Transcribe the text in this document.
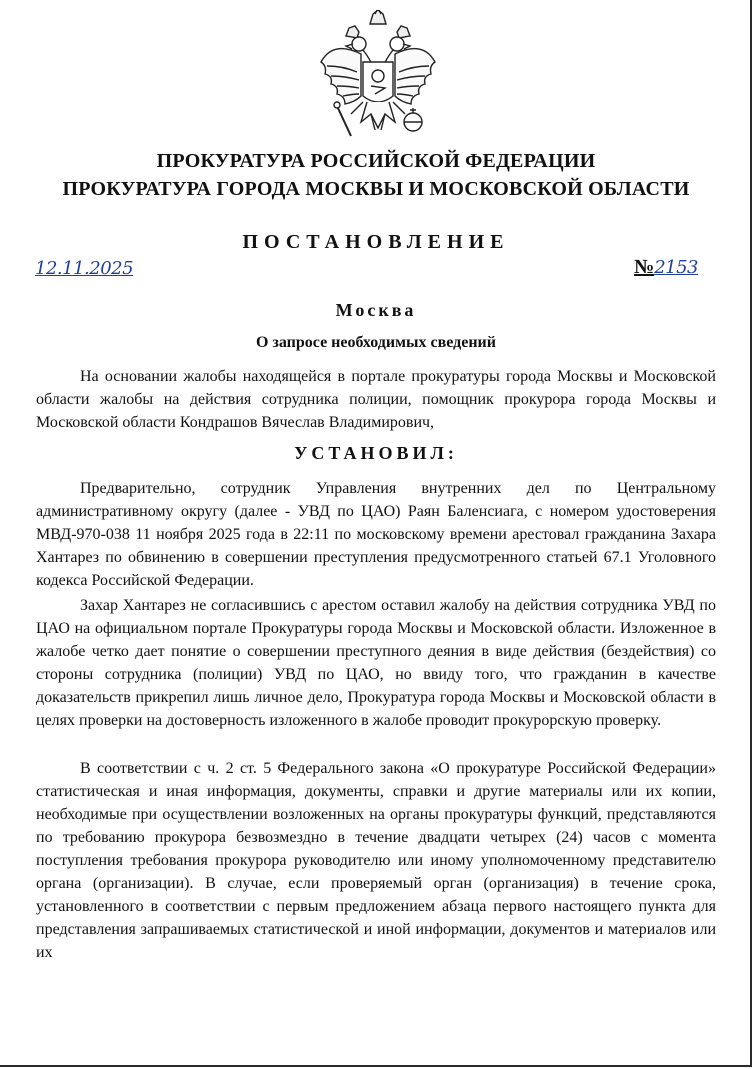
ПРОКУРАТУРА РОССИЙСКОЙ ФЕДЕРАЦИИ
ПРОКУРАТУРА ГОРОДА МОСКВЫ И МОСКОВСКОЙ ОБЛАСТИ
ПОСТАНОВЛЕНИЕ
12.11.2025	№2153
Москва
О запросе необходимых сведений

На основании жалобы находящейся в портале прокуратуры города Москвы и Московской области жалобы на действия сотрудника полиции, помощник прокурора города Москвы и Московской области Кондрашов Вячеслав Владимирович,

УСТАНОВИЛ:

Предварительно, сотрудник Управления внутренних дел по Центральному административному округу (далее - УВД по ЦАО) Раян Баленсиага, с номером удостоверения МВД-970-038 11 ноября 2025 года в 22:11 по московскому времени арестовал гражданина Захара Хантарез по обвинению в совершении преступления предусмотренного статьей 67.1 Уголовного кодекса Российской Федерации.

Захар Хантарез не согласившись с арестом оставил жалобу на действия сотрудника УВД по ЦАО на официальном портале Прокуратуры города Москвы и Московской области. Изложенное в жалобе четко дает понятие о совершении преступного деяния в виде действия (бездействия) со стороны сотрудника (полиции) УВД по ЦАО, но ввиду того, что гражданин в качестве доказательств прикрепил лишь личное дело, Прокуратура города Москвы и Московской области в целях проверки на достоверность изложенного в жалобе проводит прокурорскую проверку.

В соответствии с ч. 2 ст. 5 Федерального закона «О прокуратуре Российской Федерации» статистическая и иная информация, документы, справки и другие материалы или их копии, необходимые при осуществлении возложенных на органы прокуратуры функций, представляются по требованию прокурора безвозмездно в течение двадцати четырех (24) часов с момента поступления требования прокурора руководителю или иному уполномоченному представителю органа (организации). В случае, если проверяемый орган (организация) в течение срока, установленного в соответствии с первым предложением абзаца первого настоящего пункта для представления запрашиваемых статистической и иной информации, документов и материалов или их
